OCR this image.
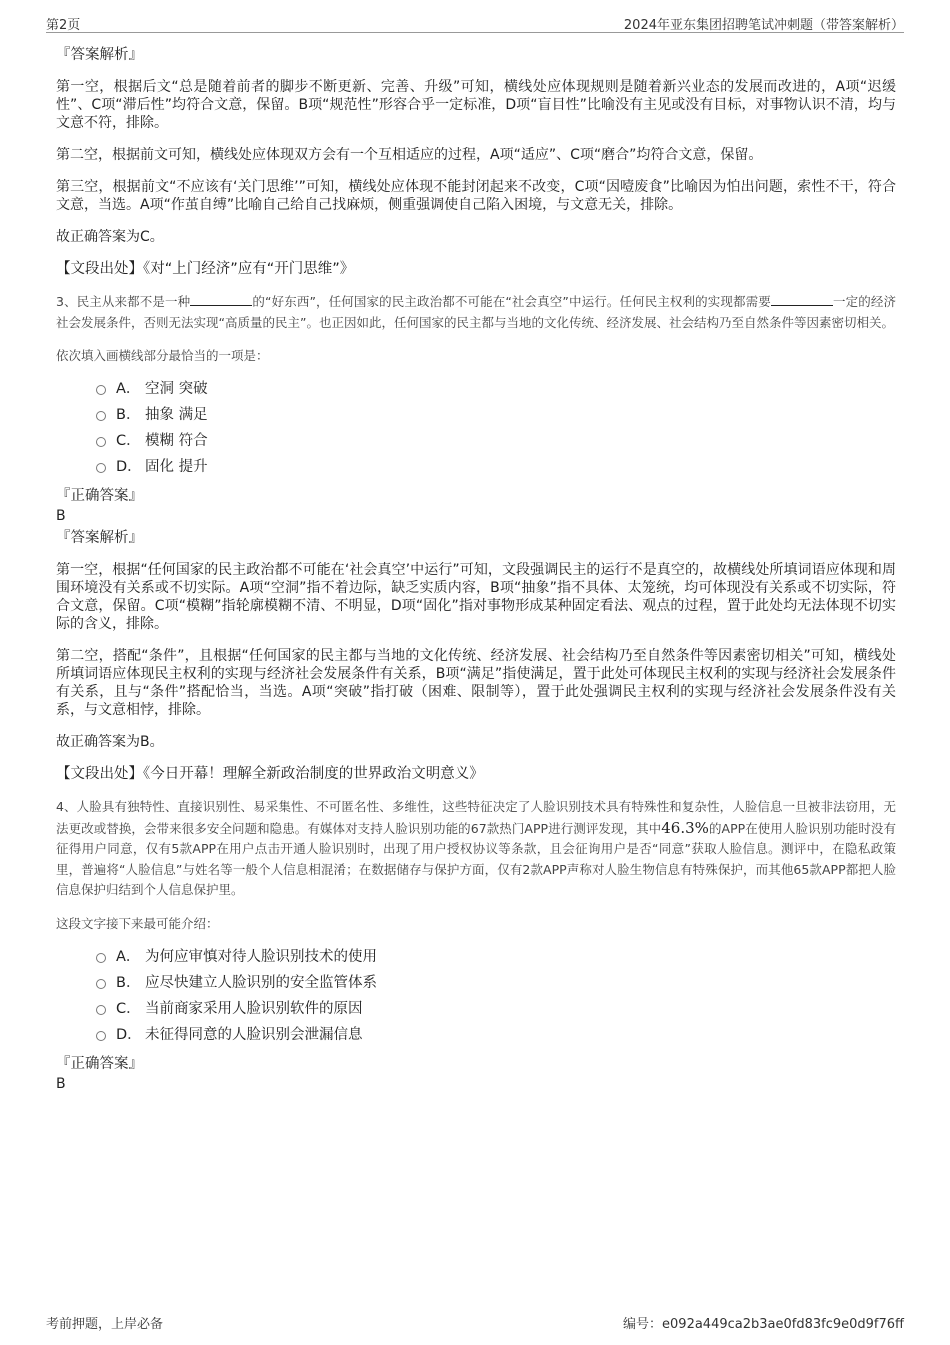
第2页	2024年亚东集团招聘笔试冲刺题（带答案解析）

『答案解析』

第一空，根据后文“总是随着前者的脚步不断更新、完善、升级”可知，横线处应体现规则是随着新兴业态的发展而改进的，A项“迟缓性”、C项“滞后性”均符合文意，保留。B项“规范性”形容合乎一定标准，D项“盲目性”比喻没有主见或没有目标，对事物认识不清，均与文意不符，排除。

第二空，根据前文可知，横线处应体现双方会有一个互相适应的过程，A项“适应”、C项“磨合”均符合文意，保留。

第三空，根据前文“不应该有‘关门思维’”可知，横线处应体现不能封闭起来不改变，C项“因噎废食”比喻因为怕出问题，索性不干，符合文意，当选。A项“作茧自缚”比喻自己给自己找麻烦，侧重强调使自己陷入困境，与文意无关，排除。

故正确答案为C。

【文段出处】《对“上门经济”应有“开门思维”》

3、民主从来都不是一种	的“好东西”，任何国家的民主政治都不可能在“社会真空”中运行。任何民主权利的实现都需要	一定的经济社会发展条件，否则无法实现“高质量的民主”。也正因如此，任何国家的民主都与当地的文化传统、经济发展、社会结构乃至自然条件等因素密切相关。

依次填入画横线部分最恰当的一项是：

A． 空洞 突破
B． 抽象 满足
C． 模糊 符合
D． 固化 提升

『正确答案』

B

『答案解析』

第一空，根据“任何国家的民主政治都不可能在‘社会真空’中运行”可知，文段强调民主的运行不是真空的，故横线处所填词语应体现和周围环境没有关系或不切实际。A项“空洞”指不着边际，缺乏实质内容，B项“抽象”指不具体、太笼统，均可体现没有关系或不切实际，符合文意，保留。C项“模糊”指轮廓模糊不清、不明显，D项“固化”指对事物形成某种固定看法、观点的过程，置于此处均无法体现不切实际的含义，排除。

第二空，搭配“条件”，且根据“任何国家的民主都与当地的文化传统、经济发展、社会结构乃至自然条件等因素密切相关”可知，横线处所填词语应体现民主权利的实现与经济社会发展条件有关系，B项“满足”指使满足，置于此处可体现民主权利的实现与经济社会发展条件有关系，且与“条件”搭配恰当，当选。A项“突破”指打破（困难、限制等），置于此处强调民主权利的实现与经济社会发展条件没有关系，与文意相悖，排除。

故正确答案为B。

【文段出处】《今日开幕！理解全新政治制度的世界政治文明意义》

4、人脸具有独特性、直接识别性、易采集性、不可匿名性、多维性，这些特征决定了人脸识别技术具有特殊性和复杂性，人脸信息一旦被非法窃用，无法更改或替换，会带来很多安全问题和隐患。有媒体对支持人脸识别功能的67款热门APP进行测评发现，其中46.3%的APP在使用人脸识别功能时没有征得用户同意，仅有5款APP在用户点击开通人脸识别时，出现了用户授权协议等条款，且会征询用户是否“同意”获取人脸信息。测评中，在隐私政策里，普遍将“人脸信息”与姓名等一般个人信息相混淆；在数据储存与保护方面，仅有2款APP声称对人脸生物信息有特殊保护，而其他65款APP都把人脸信息保护归结到个人信息保护里。

这段文字接下来最可能介绍：

A． 为何应审慎对待人脸识别技术的使用
B． 应尽快建立人脸识别的安全监管体系
C． 当前商家采用人脸识别软件的原因
D． 未征得同意的人脸识别会泄漏信息

『正确答案』

B

考前押题，上岸必备	编号：e092a449ca2b3ae0fd83fc9e0d9f76ff
